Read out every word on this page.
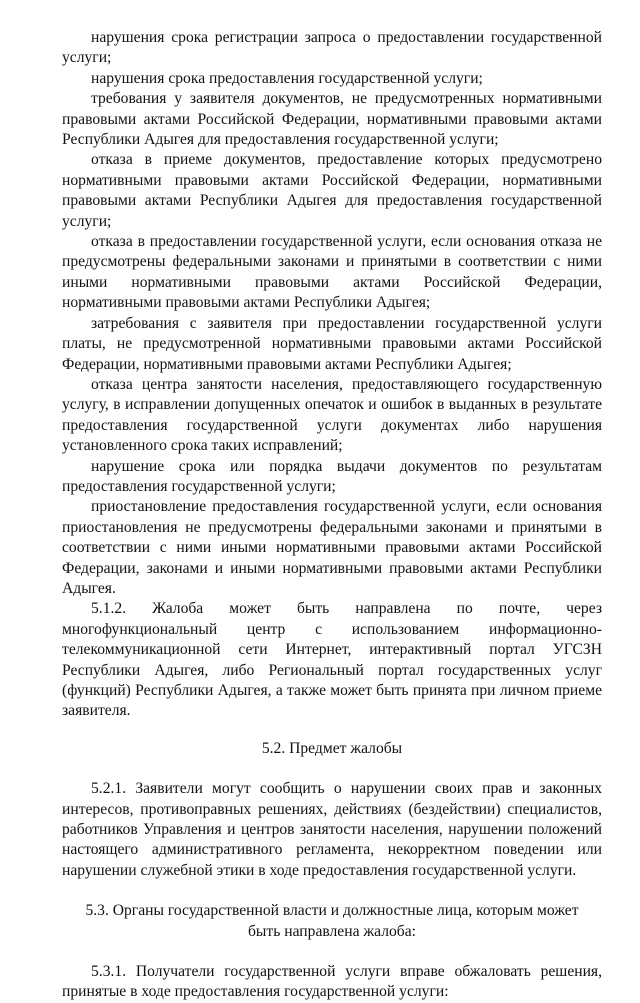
нарушения срока регистрации запроса о предоставлении государственной услуги;

нарушения срока предоставления государственной услуги;

требования у заявителя документов, не предусмотренных нормативными правовыми актами Российской Федерации, нормативными правовыми актами Республики Адыгея для предоставления государственной услуги;

отказа в приеме документов, предоставление которых предусмотрено нормативными правовыми актами Российской Федерации, нормативными правовыми актами Республики Адыгея для предоставления государственной услуги;

отказа в предоставлении государственной услуги, если основания отказа не предусмотрены федеральными законами и принятыми в соответствии с ними иными нормативными правовыми актами Российской Федерации, нормативными правовыми актами Республики Адыгея;

затребования с заявителя при предоставлении государственной услуги платы, не предусмотренной нормативными правовыми актами Российской Федерации, нормативными правовыми актами Республики Адыгея;

отказа центра занятости населения, предоставляющего государственную услугу, в исправлении допущенных опечаток и ошибок в выданных в результате предоставления государственной услуги документах либо нарушения установленного срока таких исправлений;

нарушение срока или порядка выдачи документов по результатам предоставления государственной услуги;

приостановление предоставления государственной услуги, если основания приостановления не предусмотрены федеральными законами и принятыми в соответствии с ними иными нормативными правовыми актами Российской Федерации, законами и иными нормативными правовыми актами Республики Адыгея.

5.1.2. Жалоба может быть направлена по почте, через многофункциональный центр с использованием информационно-телекоммуникационной сети Интернет, интерактивный портал УГСЗН Республики Адыгея, либо Региональный портал государственных услуг (функций) Республики Адыгея, а также может быть принята при личном приеме заявителя.

5.2. Предмет жалобы

5.2.1. Заявители могут сообщить о нарушении своих прав и законных интересов, противоправных решениях, действиях (бездействии) специалистов, работников Управления и центров занятости населения, нарушении положений настоящего административного регламента, некорректном поведении или нарушении служебной этики в ходе предоставления государственной услуги.

5.3. Органы государственной власти и должностные лица, которым может

быть направлена жалоба:

5.3.1. Получатели государственной услуги вправе обжаловать решения, принятые в ходе предоставления государственной услуги:
